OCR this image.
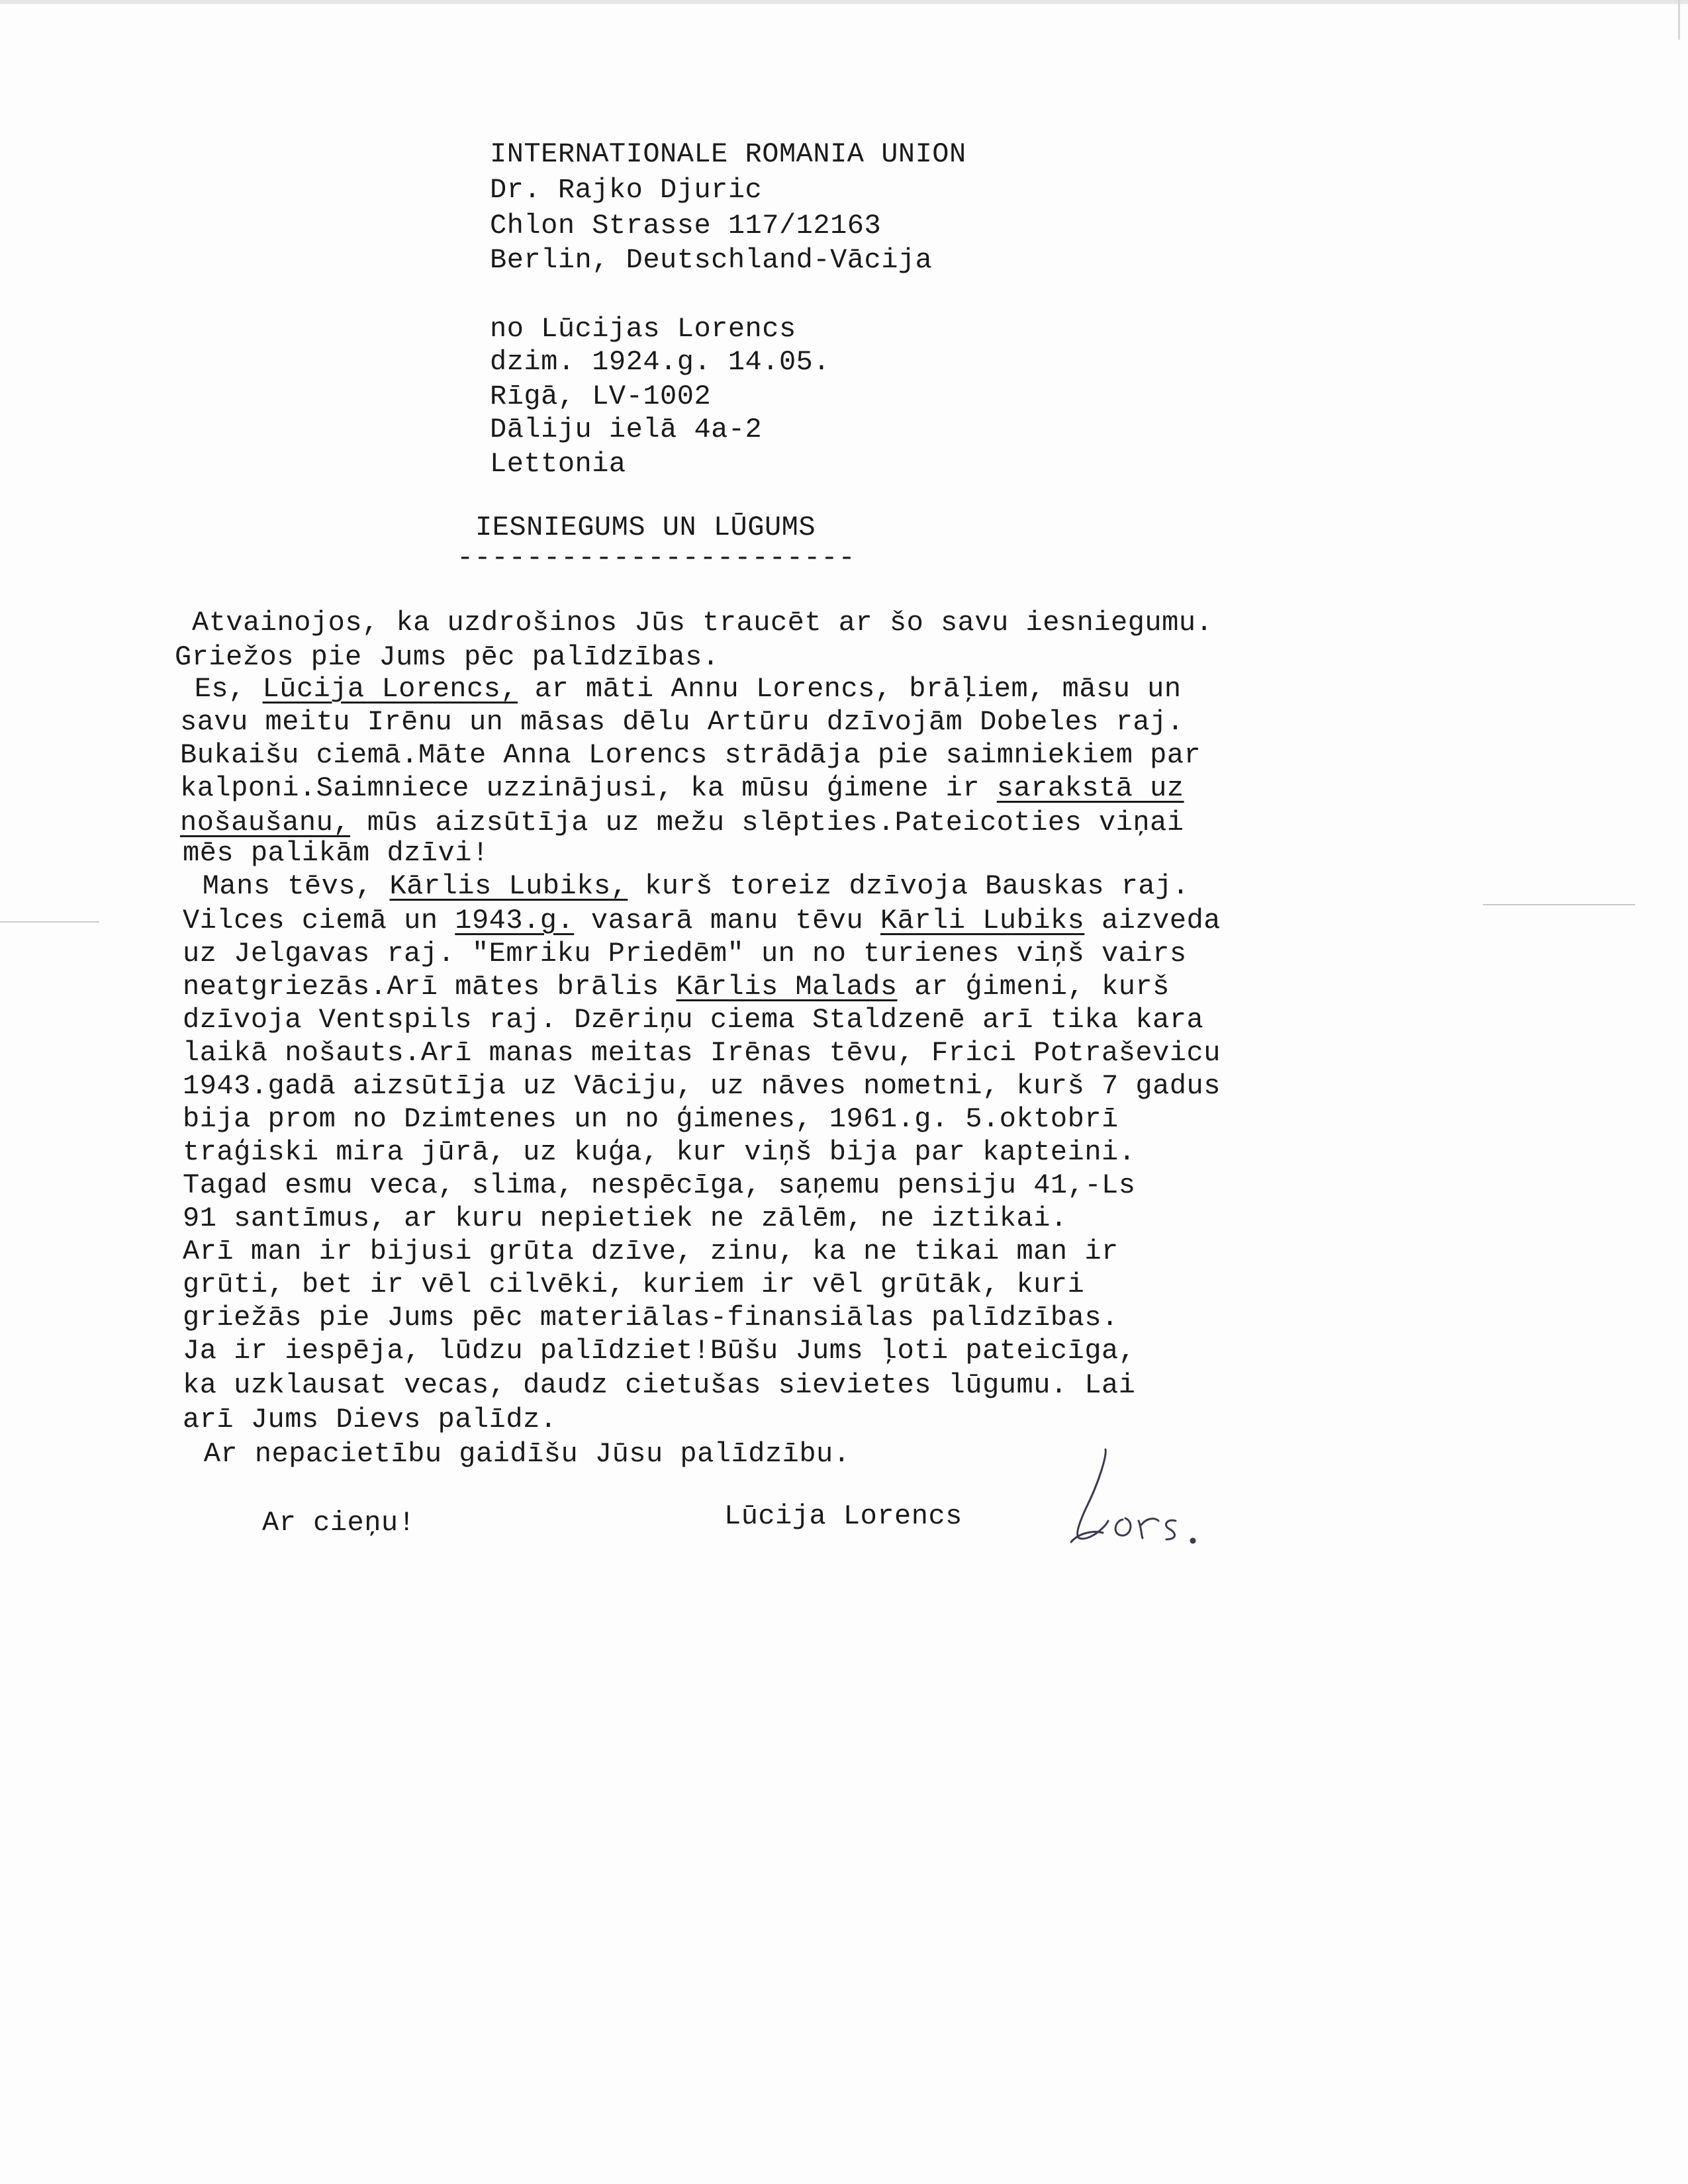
INTERNATIONALE ROMANIA UNION
Dr. Rajko Djuric
Chlon Strasse 117/12163
Berlin, Deutschland-Vācija
no Lūcijas Lorencs
dzim. 1924.g. 14.05.
Rīgā, LV-1002
Dāliju ielā 4a-2
Lettonia
IESNIEGUMS UN LŪGUMS
-----------------------
Atvainojos, ka uzdrošinos Jūs traucēt ar šo savu iesniegumu.
Griežos pie Jums pēc palīdzības.
Es, Lūcija Lorencs, ar māti Annu Lorencs, brāļiem, māsu un
savu meitu Irēnu un māsas dēlu Artūru dzīvojām Dobeles raj.
Bukaišu ciemā.Māte Anna Lorencs strādāja pie saimniekiem par
kalponi.Saimniece uzzinājusi, ka mūsu ģimene ir sarakstā uz
nošaušanu, mūs aizsūtīja uz mežu slēpties.Pateicoties viņai
mēs palikām dzīvi!
Mans tēvs, Kārlis Lubiks, kurš toreiz dzīvoja Bauskas raj.
Vilces ciemā un 1943.g. vasarā manu tēvu Kārli Lubiks aizveda
uz Jelgavas raj. "Emriku Priedēm" un no turienes viņš vairs
neatgriezās.Arī mātes brālis Kārlis Malads ar ģimeni, kurš
dzīvoja Ventspils raj. Dzēriņu ciema Staldzenē arī tika kara
laikā nošauts.Arī manas meitas Irēnas tēvu, Frici Potraševicu
1943.gadā aizsūtīja uz Vāciju, uz nāves nometni, kurš 7 gadus
bija prom no Dzimtenes un no ģimenes, 1961.g. 5.oktobrī
traģiski mira jūrā, uz kuģa, kur viņš bija par kapteini.
Tagad esmu veca, slima, nespēcīga, saņemu pensiju 41,-Ls
91 santīmus, ar kuru nepietiek ne zālēm, ne iztikai.
Arī man ir bijusi grūta dzīve, zinu, ka ne tikai man ir
grūti, bet ir vēl cilvēki, kuriem ir vēl grūtāk, kuri
griežās pie Jums pēc materiālas-finansiālas palīdzības.
Ja ir iespēja, lūdzu palīdziet!Būšu Jums ļoti pateicīga,
ka uzklausat vecas, daudz cietušas sievietes lūgumu. Lai
arī Jums Dievs palīdz.
Ar nepacietību gaidīšu Jūsu palīdzību.
Ar cieņu!	Lūcija Lorencs
